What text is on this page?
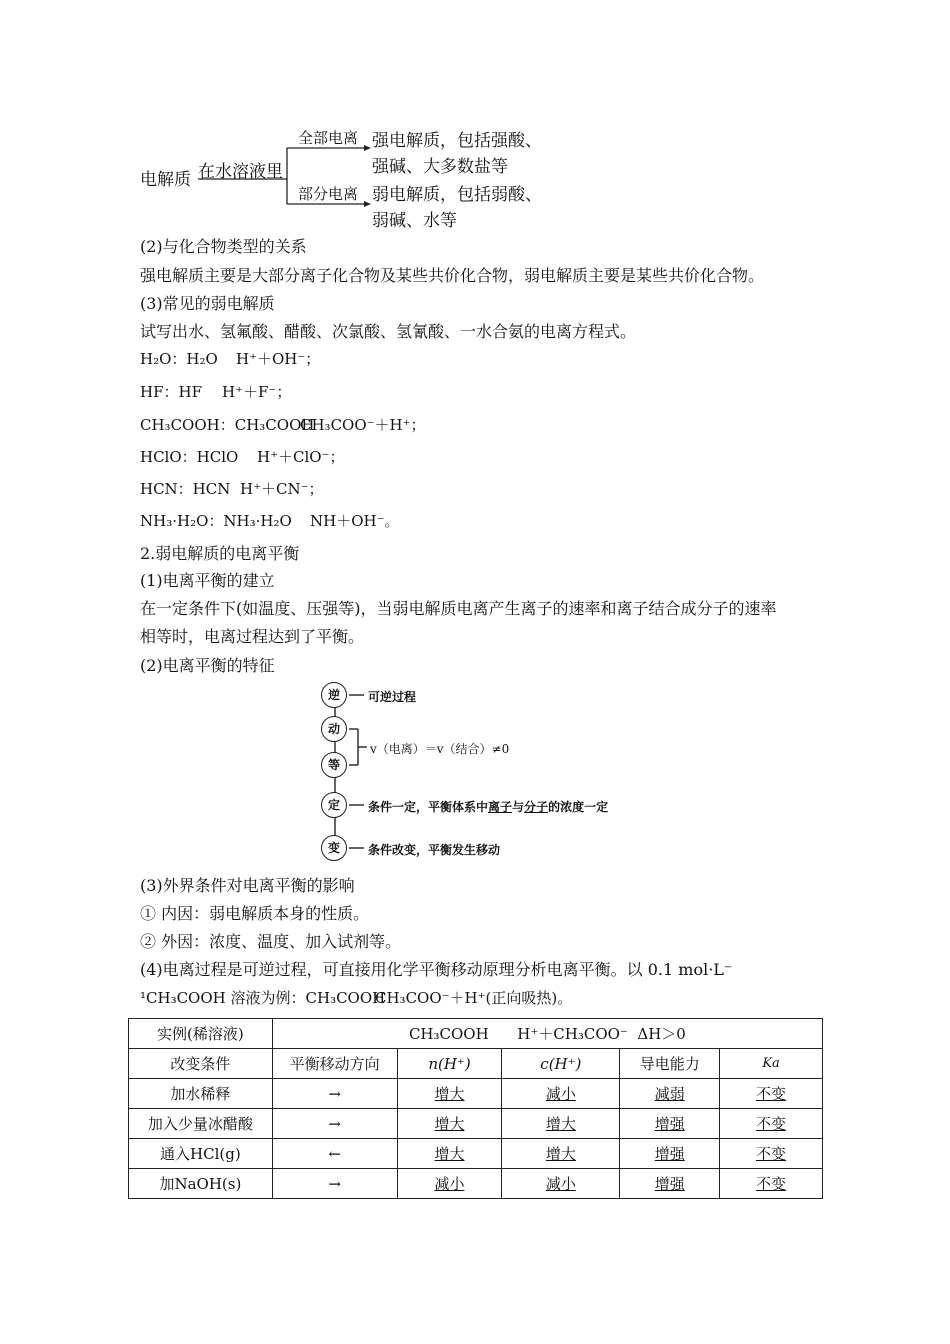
电解质 在水溶液里
全部电离
部分电离
强电解质，包括强酸、
强碱、大多数盐等
弱电解质，包括弱酸、
弱碱、水等
(2)与化合物类型的关系
强电解质主要是大部分离子化合物及某些共价化合物，弱电解质主要是某些共价化合物。
(3)常见的弱电解质
试写出水、氢氟酸、醋酸、次氯酸、氢氰酸、一水合氨的电离方程式。
H₂O：H₂O H⁺＋OH⁻；
HF：HF H⁺＋F⁻；
CH₃COOH：CH₃COOH
CH₃COO⁻＋H⁺；
HClO：HClO H⁺＋ClO⁻；
HCN：HCN H⁺＋CN⁻；
NH₃·H₂O：NH₃·H₂O NH＋OH⁻。
2.弱电解质的电离平衡
(1)电离平衡的建立
在一定条件下(如温度、压强等)，当弱电解质电离产生离子的速率和离子结合成分子的速率
相等时，电离过程达到了平衡。
(2)电离平衡的特征
逆
动
等
定
变
可逆过程
v（电离）＝v（结合）≠0
条件一定，平衡体系中离子与分子的浓度一定
条件改变，平衡发生移动
(3)外界条件对电离平衡的影响
① 内因：弱电解质本身的性质。
② 外因：浓度、温度、加入试剂等。
(4)电离过程是可逆过程，可直接用化学平衡移动原理分析电离平衡。以 0.1 mol·L⁻
¹CH₃COOH 溶液为例：CH₃COOH
CH₃COO⁻＋H⁺(正向吸热)。
实例(稀溶液)	CH₃COOH      H⁺＋CH₃COO⁻  ΔH＞0				
改变条件	平衡移动方向	n(H⁺)	c(H⁺)	导电能力	Ka
加水稀释	→	增大	减小	减弱	不变
加入少量冰醋酸	→	增大	增大	增强	不变
通入HCl(g)	←	增大	增大	增强	不变
加NaOH(s)	→	减小	减小	增强	不变
